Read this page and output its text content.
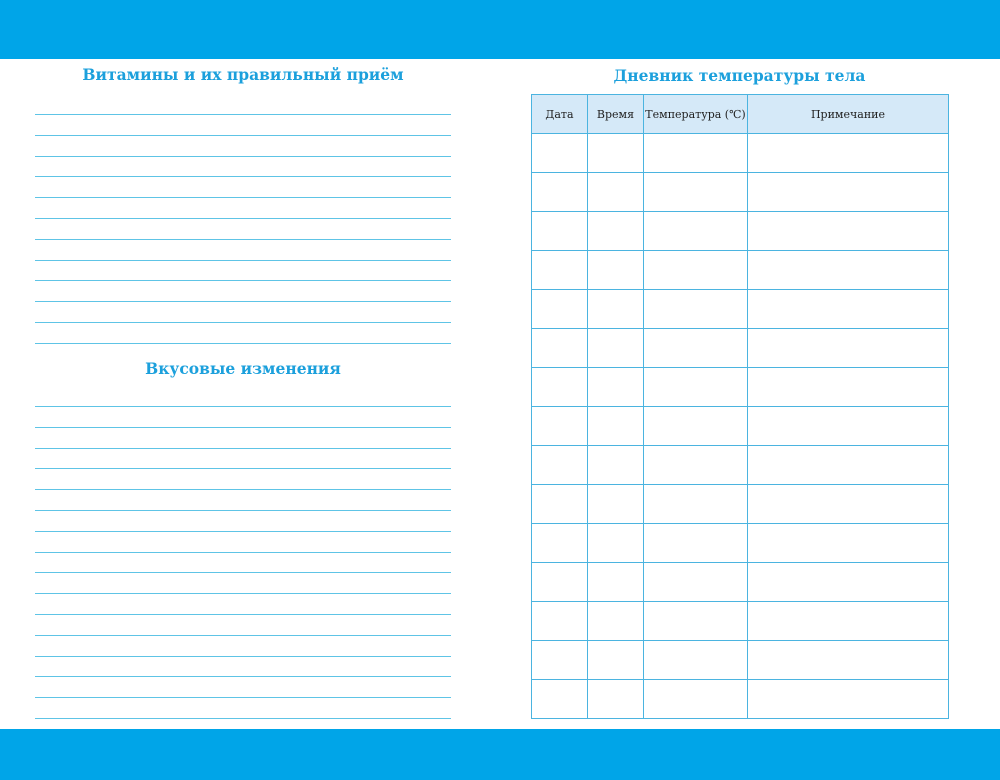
Витамины и их правильный приём
Вкусовые изменения
Дневник температуры тела
Дата	Время	Температура (℃)	Примечание
